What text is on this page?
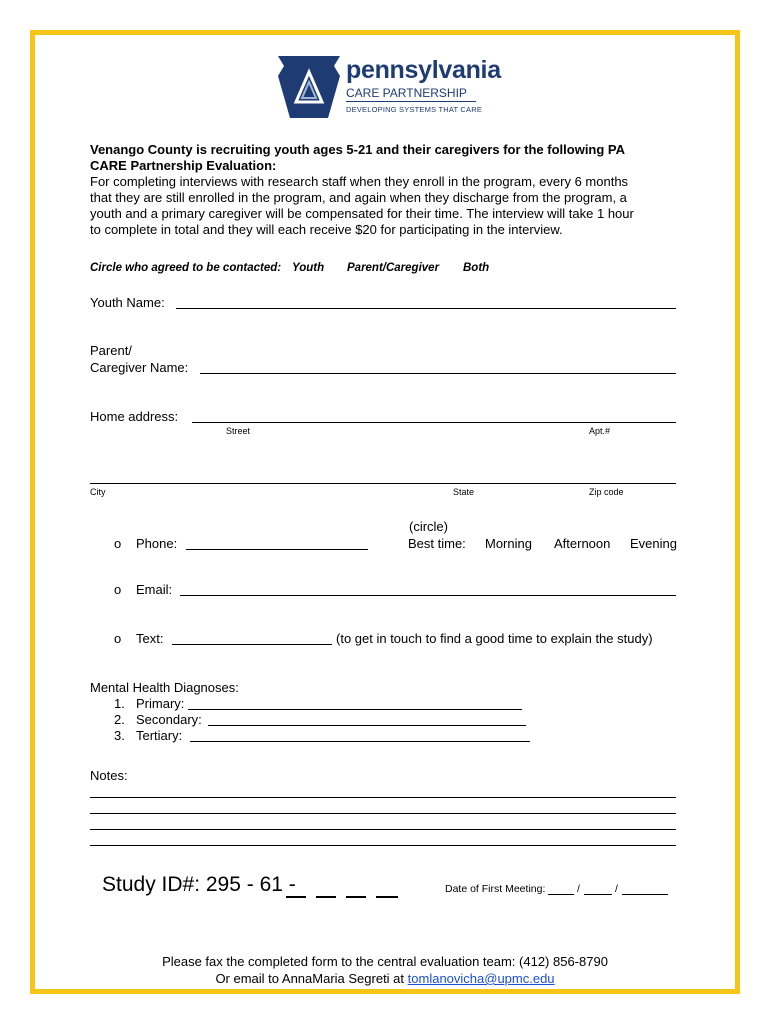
pennsylvania
CARE PARTNERSHIP
DEVELOPING SYSTEMS THAT CARE
Venango County is recruiting youth ages 5-21 and their caregivers for the following PA
CARE Partnership Evaluation:
For completing interviews with research staff when they enroll in the program, every 6 months
that they are still enrolled in the program, and again when they discharge from the program, a
youth and a primary caregiver will be compensated for their time. The interview will take 1 hour
to complete in total and they will each receive $20 for participating in the interview.
Circle who agreed to be contacted: Youth Parent/Caregiver Both
Youth Name:
Parent/
Caregiver Name:
Home address:
Street	Apt.#
City	State	Zip code
(circle)
o Phone:	Best time: Morning Afternoon Evening
o Email:
o Text:	(to get in touch to find a good time to explain the study)
Mental Health Diagnoses:
1. Primary:
2. Secondary:
3. Tertiary:
Notes:
Study ID#: 295 - 61 -	Date of First Meeting:	/	/
Please fax the completed form to the central evaluation team: (412) 856-8790
Or email to AnnaMaria Segreti at tomlanovicha@upmc.edu
